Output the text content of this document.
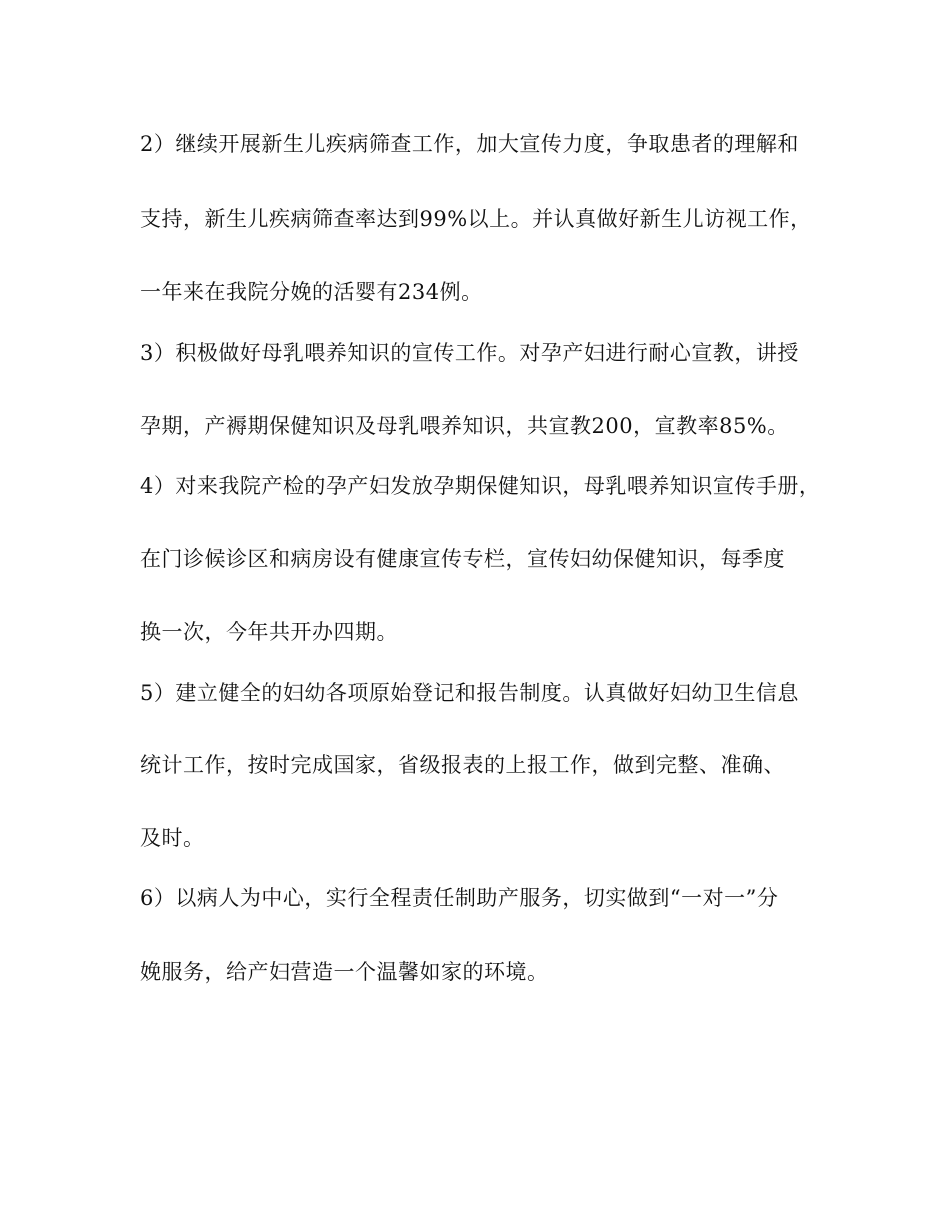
2）继续开展新生儿疾病筛查工作，加大宣传力度，争取患者的理解和
支持，新生儿疾病筛查率达到99%以上。并认真做好新生儿访视工作，
一年来在我院分娩的活婴有234例。
3）积极做好母乳喂养知识的宣传工作。对孕产妇进行耐心宣教，讲授
孕期，产褥期保健知识及母乳喂养知识，共宣教200，宣教率85%。
4）对来我院产检的孕产妇发放孕期保健知识，母乳喂养知识宣传手册，
在门诊候诊区和病房设有健康宣传专栏，宣传妇幼保健知识，每季度
换一次，今年共开办四期。
5）建立健全的妇幼各项原始登记和报告制度。认真做好妇幼卫生信息
统计工作，按时完成国家，省级报表的上报工作，做到完整、准确、
及时。
6）以病人为中心，实行全程责任制助产服务，切实做到“一对一”分
娩服务，给产妇营造一个温馨如家的环境。
